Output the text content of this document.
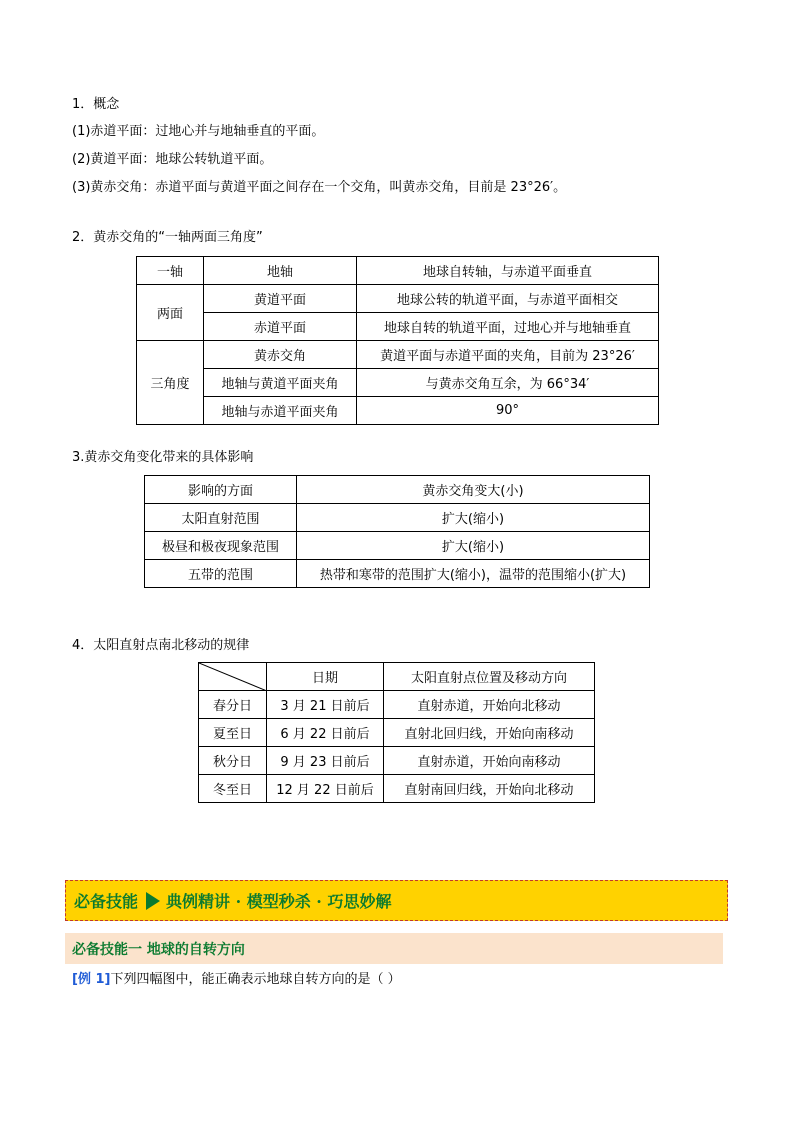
1．概念
(1)赤道平面：过地心并与地轴垂直的平面。
(2)黄道平面：地球公转轨道平面。
(3)黄赤交角：赤道平面与黄道平面之间存在一个交角，叫黄赤交角，目前是 23°26′。
2．黄赤交角的“一轴两面三角度”
一轴	地轴	地球自转轴，与赤道平面垂直
两面	黄道平面	地球公转的轨道平面，与赤道平面相交
	赤道平面	地球自转的轨道平面，过地心并与地轴垂直
三角度	黄赤交角	黄道平面与赤道平面的夹角，目前为 23°26′
	地轴与黄道平面夹角	与黄赤交角互余，为 66°34′
	地轴与赤道平面夹角	90°
3.黄赤交角变化带来的具体影响
影响的方面	黄赤交角变大(小)
太阳直射范围	扩大(缩小)
极昼和极夜现象范围	扩大(缩小)
五带的范围	热带和寒带的范围扩大(缩小)，温带的范围缩小(扩大)
4．太阳直射点南北移动的规律
	日期	太阳直射点位置及移动方向
春分日	3 月 21 日前后	直射赤道，开始向北移动
夏至日	6 月 22 日前后	直射北回归线，开始向南移动
秋分日	9 月 23 日前后	直射赤道，开始向南移动
冬至日	12 月 22 日前后	直射南回归线，开始向北移动
必备技能 典例精讲 · 模型秒杀 · 巧思妙解
必备技能一 地球的自转方向
[例 1]下列四幅图中，能正确表示地球自转方向的是（ ）
